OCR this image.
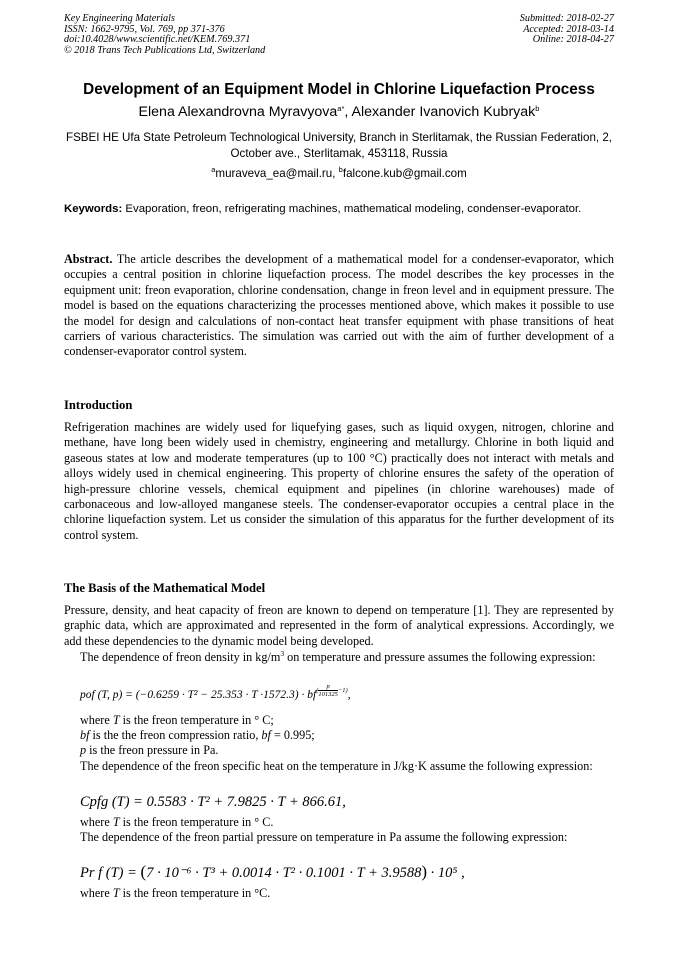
Key Engineering Materials
ISSN: 1662-9795, Vol. 769, pp 371-376
doi:10.4028/www.scientific.net/KEM.769.371
© 2018 Trans Tech Publications Ltd, Switzerland
Submitted: 2018-02-27
Accepted: 2018-03-14
Online: 2018-04-27
Development of an Equipment Model in Chlorine Liquefaction Process
Elena Alexandrovna Myravyova$^{a*}$, Alexander Ivanovich Kubryak$^b$
FSBEI HE Ufa State Petroleum Technological University, Branch in Sterlitamak, the Russian Federation, 2, October ave., Sterlitamak, 453118, Russia
$^a$muraveva_ea@mail.ru, $^b$falcone.kub@gmail.com
Keywords: Evaporation, freon, refrigerating machines, mathematical modeling, condenser-evaporator.
Abstract. The article describes the development of a mathematical model for a condenser-evaporator, which occupies a central position in chlorine liquefaction process. The model describes the key processes in the equipment unit: freon evaporation, chlorine condensation, change in freon level and in equipment pressure. The model is based on the equations characterizing the processes mentioned above, which makes it possible to use the model for design and calculations of non-contact heat transfer equipment with phase transitions of heat carriers of various characteristics. The simulation was carried out with the aim of further development of a condenser-evaporator control system.
Introduction
Refrigeration machines are widely used for liquefying gases, such as liquid oxygen, nitrogen, chlorine and methane, have long been widely used in chemistry, engineering and metallurgy. Chlorine in both liquid and gaseous states at low and moderate temperatures (up to 100 °C) practically does not interact with metals and alloys widely used in chemical engineering. This property of chlorine ensures the safety of the operation of high-pressure chlorine vessels, chemical equipment and pipelines (in chlorine warehouses) made of carbonaceous and low-alloyed manganese steels. The condenser-evaporator occupies a central place in the chlorine liquefaction system. Let us consider the simulation of this apparatus for the further development of its control system.
The Basis of the Mathematical Model
Pressure, density, and heat capacity of freon are known to depend on temperature [1]. They are represented by graphic data, which are approximated and represented in the form of analytical expressions. Accordingly, we add these dependencies to the dynamic model being developed.
The dependence of freon density in $kg/m^3$ on temperature and pressure assumes the following expression:
pof (T, $p) = (-0.6259 \cdot T^2 - 25.353 \cdot T \cdot 1572.3) \cdot bf( \frac{p}{101325} -1)$,
where T is the freon temperature in ° C;
bf is the the freon compression ratio, bf = 0.995;
p is the freon pressure in Pa.
The dependence of the freon specific heat on the temperature in J/kg·K assume the following expression:
Cpfg (T) = 0.5583 · T² + 7.9825 · T + 866.61,
where T is the freon temperature in ° C.
The dependence of the freon partial pressure on temperature in Pa assume the following expression:
Pr f (T) = (7 · 10⁻⁶ · T³ + 0.0014 · T² · 0.1001 · T + 3.9588) · 10⁵ ,
where T is the freon temperature in °C.
